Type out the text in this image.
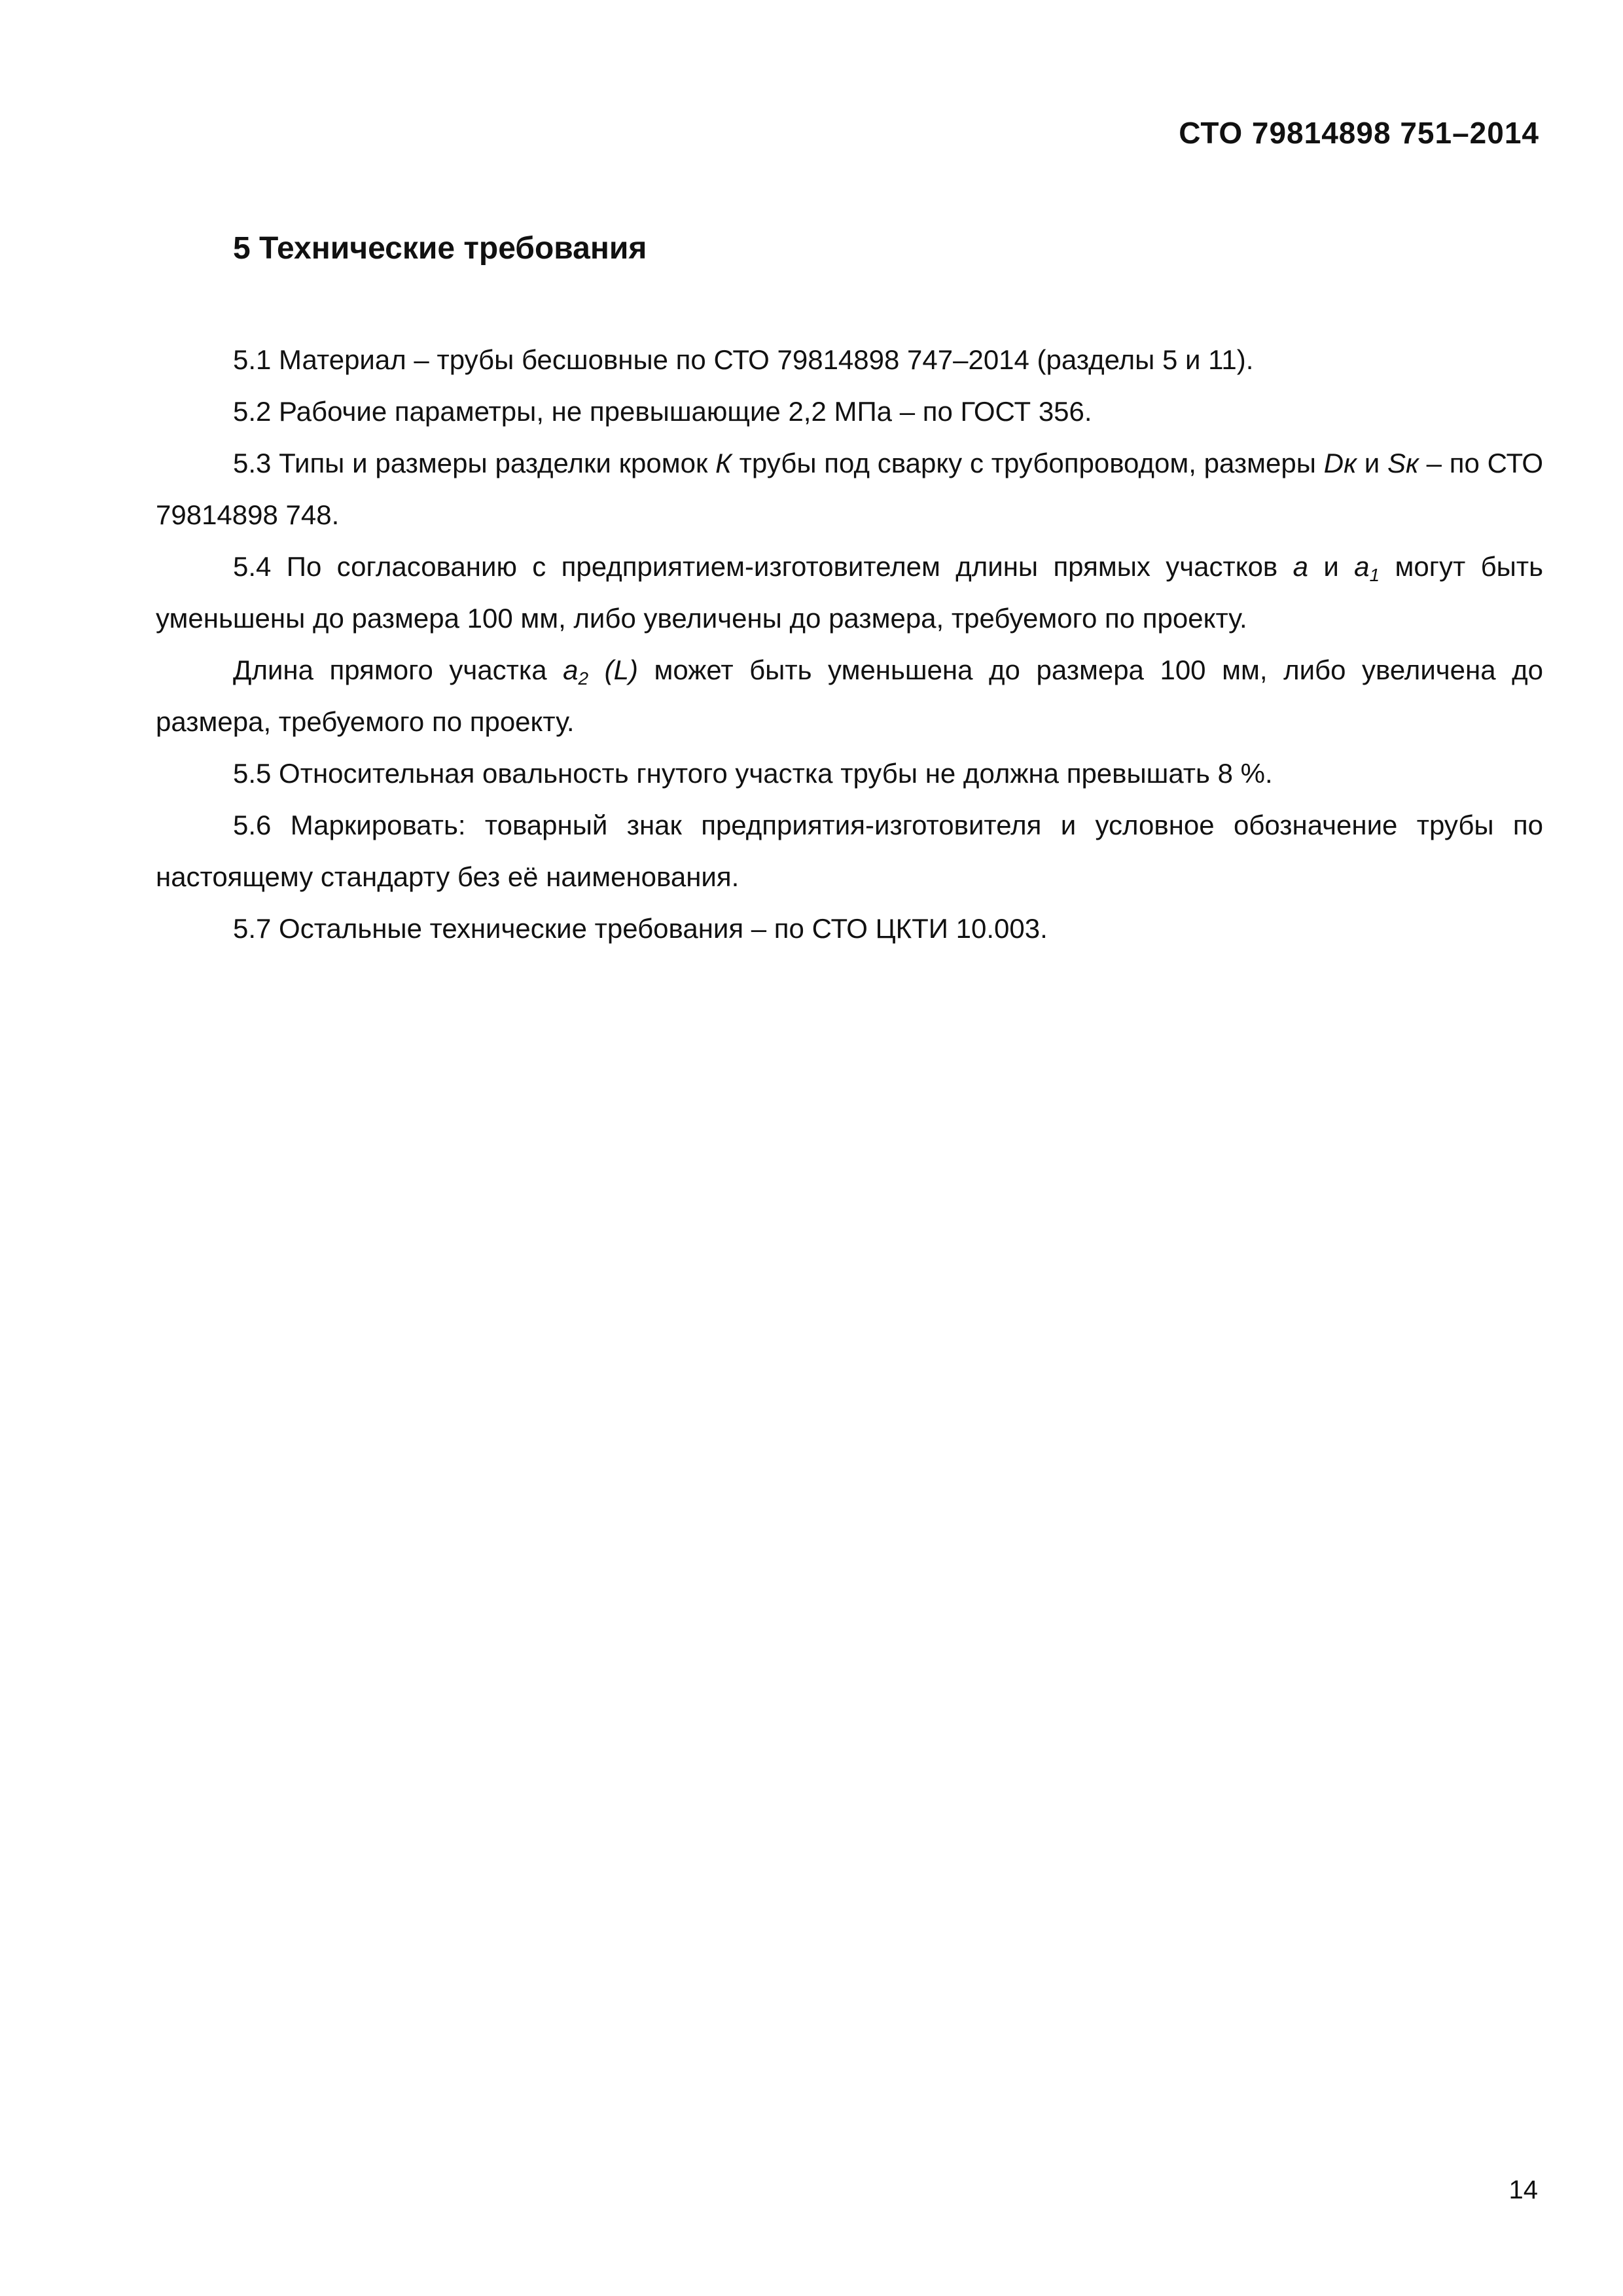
СТО 79814898 751–2014

5 Технические требования

5.1 Материал – трубы бесшовные по СТО 79814898 747–2014 (разделы 5 и 11).

5.2 Рабочие параметры, не превышающие 2,2 МПа – по ГОСТ 356.

5.3 Типы и размеры разделки кромок К трубы под сварку с трубопроводом, размеры Dк и Sк – по СТО 79814898 748.

5.4 По согласованию с предприятием-изготовителем длины прямых участков a и $a_1$ могут быть уменьшены до размера 100 мм, либо увеличены до размера, требуемого по проекту.

Длина прямого участка $a_2$ (L) может быть уменьшена до размера 100 мм, либо увеличена до размера, требуемого по проекту.

5.5 Относительная овальность гнутого участка трубы не должна превышать 8 %.

5.6 Маркировать: товарный знак предприятия-изготовителя и условное обозначение трубы по настоящему стандарту без её наименования.

5.7 Остальные технические требования – по СТО ЦКТИ 10.003.

14
